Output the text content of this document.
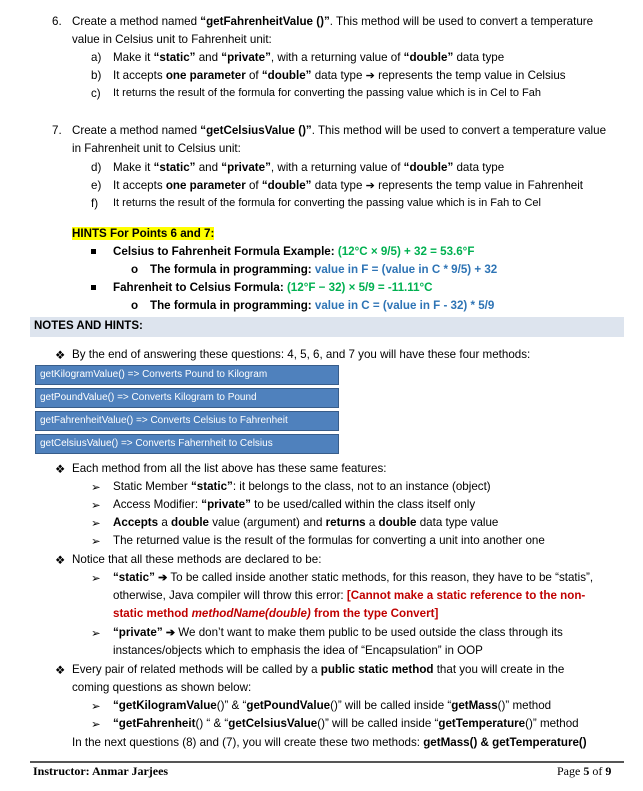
6. Create a method named “getFahrenheitValue ()”. This method will be used to convert a temperature
value in Celsius unit to Fahrenheit unit:
a) Make it “static” and “private”, with a returning value of “double” data type
b) It accepts one parameter of “double” data type ➔ represents the temp value in Celsius
c) It returns the result of the formula for converting the passing value which is in Cel to Fah
7. Create a method named “getCelsiusValue ()”. This method will be used to convert a temperature value
in Fahrenheit unit to Celsius unit:
d) Make it “static” and “private”, with a returning value of “double” data type
e) It accepts one parameter of “double” data type ➔ represents the temp value in Fahrenheit
f) It returns the result of the formula for converting the passing value which is in Fah to Cel
HINTS For Points 6 and 7:
Celsius to Fahrenheit Formula Example: (12°C × 9/5) + 32 = 53.6°F
o The formula in programming: value in F = (value in C * 9/5) + 32
Fahrenheit to Celsius Formula: (12°F − 32) × 5/9 = -11.11°C
o The formula in programming: value in C = (value in F - 32) * 5/9
NOTES AND HINTS:
❖ By the end of answering these questions: 4, 5, 6, and 7 you will have these four methods:
getKilogramValue() => Converts Pound to Kilogram
getPoundValue() => Converts Kilogram to Pound
getFahrenheitValue() => Converts Celsius to Fahrenheit
getCelsiusValue() => Converts Fahernheit to Celsius
❖ Each method from all the list above has these same features:
➢ Static Member “static”: it belongs to the class, not to an instance (object)
➢ Access Modifier: “private” to be used/called within the class itself only
➢ Accepts a double value (argument) and returns a double data type value
➢ The returned value is the result of the formulas for converting a unit into another one
❖ Notice that all these methods are declared to be:
➢ “static” ➔ To be called inside another static methods, for this reason, they have to be “statis”,
otherwise, Java compiler will throw this error: [Cannot make a static reference to the non-
static method methodName(double) from the type Convert]
➢ “private” ➔ We don’t want to make them public to be used outside the class through its
instances/objects which to emphasis the idea of “Encapsulation” in OOP
❖ Every pair of related methods will be called by a public static method that you will create in the
coming questions as shown below:
➢ “getKilogramValue()” & “getPoundValue()” will be called inside “getMass()” method
➢ “getFahrenheit() “ & “getCelsiusValue()” will be called inside “getTemperature()” method
In the next questions (8) and (7), you will create these two methods: getMass() & getTemperature()
Instructor: Anmar Jarjees	Page 5 of 9
